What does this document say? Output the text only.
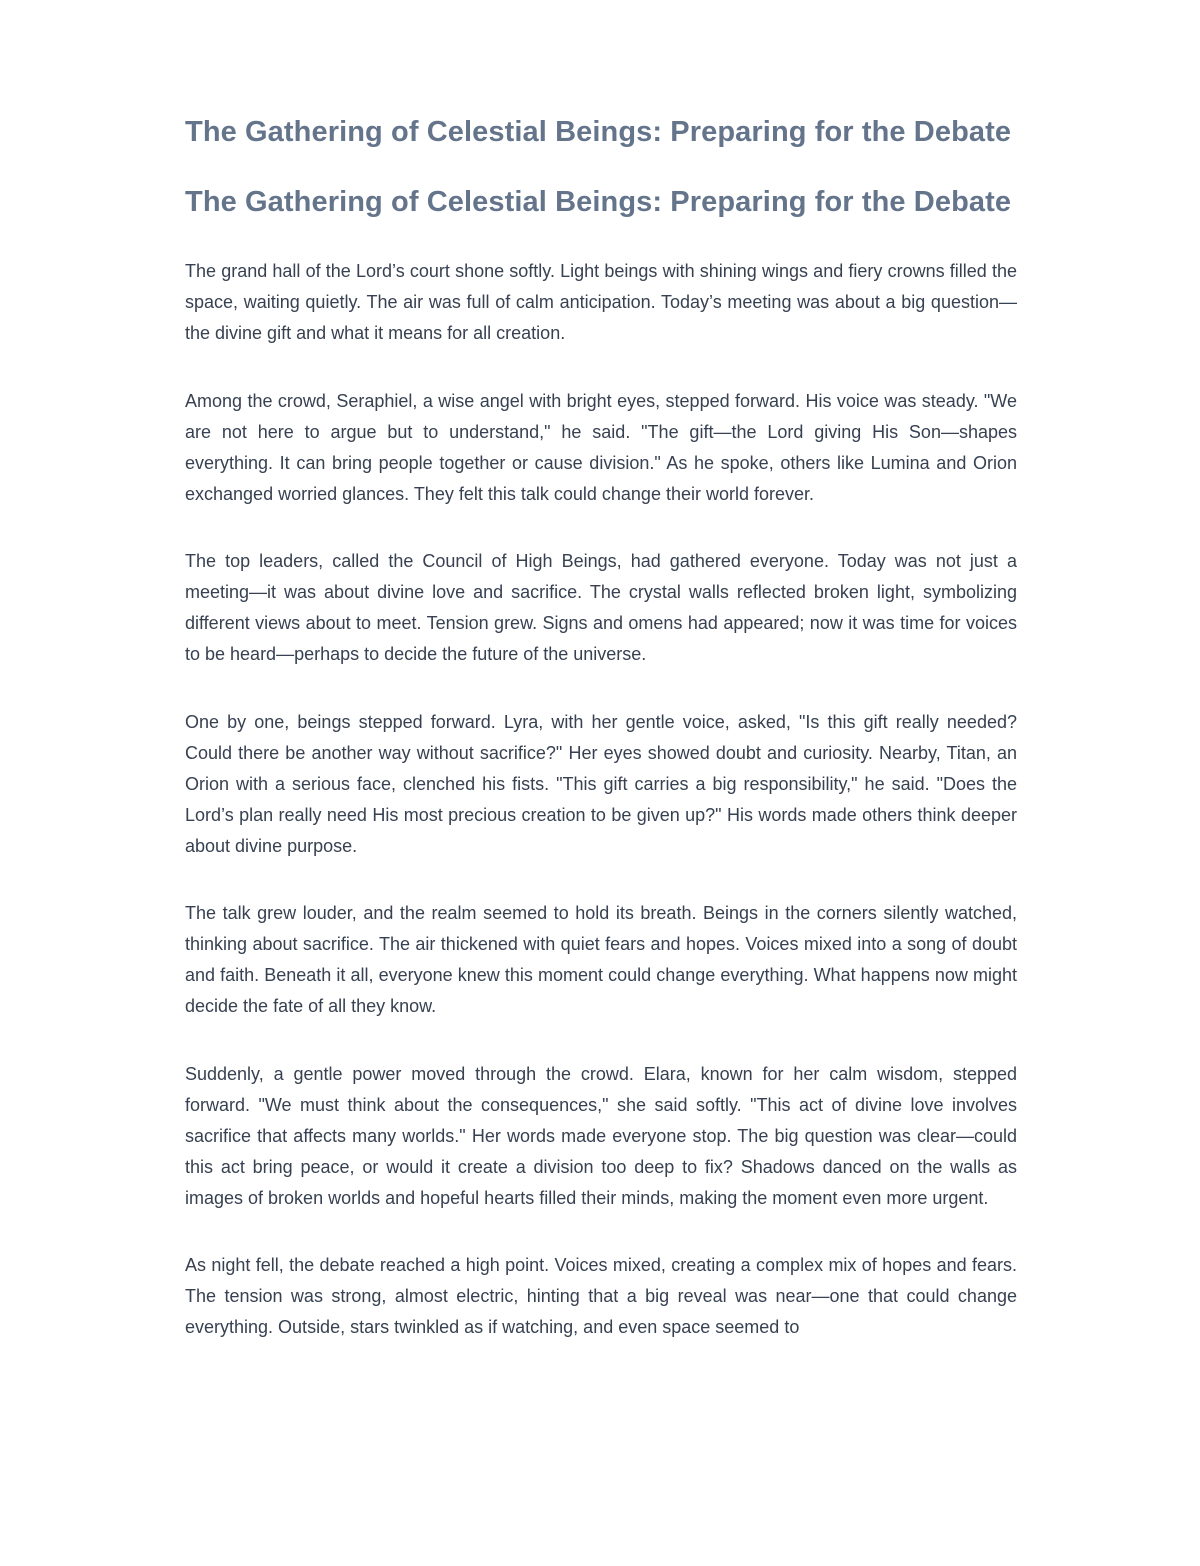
The Gathering of Celestial Beings: Preparing for the Debate
The Gathering of Celestial Beings: Preparing for the Debate

The grand hall of the Lord’s court shone softly. Light beings with shining wings and fiery crowns filled the space, waiting quietly. The air was full of calm anticipation. Today’s meeting was about a big question—the divine gift and what it means for all creation.

Among the crowd, Seraphiel, a wise angel with bright eyes, stepped forward. His voice was steady. "We are not here to argue but to understand," he said. "The gift—the Lord giving His Son—shapes everything. It can bring people together or cause division." As he spoke, others like Lumina and Orion exchanged worried glances. They felt this talk could change their world forever.

The top leaders, called the Council of High Beings, had gathered everyone. Today was not just a meeting—it was about divine love and sacrifice. The crystal walls reflected broken light, symbolizing different views about to meet. Tension grew. Signs and omens had appeared; now it was time for voices to be heard—perhaps to decide the future of the universe.

One by one, beings stepped forward. Lyra, with her gentle voice, asked, "Is this gift really needed? Could there be another way without sacrifice?" Her eyes showed doubt and curiosity. Nearby, Titan, an Orion with a serious face, clenched his fists. "This gift carries a big responsibility," he said. "Does the Lord’s plan really need His most precious creation to be given up?" His words made others think deeper about divine purpose.

The talk grew louder, and the realm seemed to hold its breath. Beings in the corners silently watched, thinking about sacrifice. The air thickened with quiet fears and hopes. Voices mixed into a song of doubt and faith. Beneath it all, everyone knew this moment could change everything. What happens now might decide the fate of all they know.

Suddenly, a gentle power moved through the crowd. Elara, known for her calm wisdom, stepped forward. "We must think about the consequences," she said softly. "This act of divine love involves sacrifice that affects many worlds." Her words made everyone stop. The big question was clear—could this act bring peace, or would it create a division too deep to fix? Shadows danced on the walls as images of broken worlds and hopeful hearts filled their minds, making the moment even more urgent.

As night fell, the debate reached a high point. Voices mixed, creating a complex mix of hopes and fears. The tension was strong, almost electric, hinting that a big reveal was near—one that could change everything. Outside, stars twinkled as if watching, and even space seemed to
